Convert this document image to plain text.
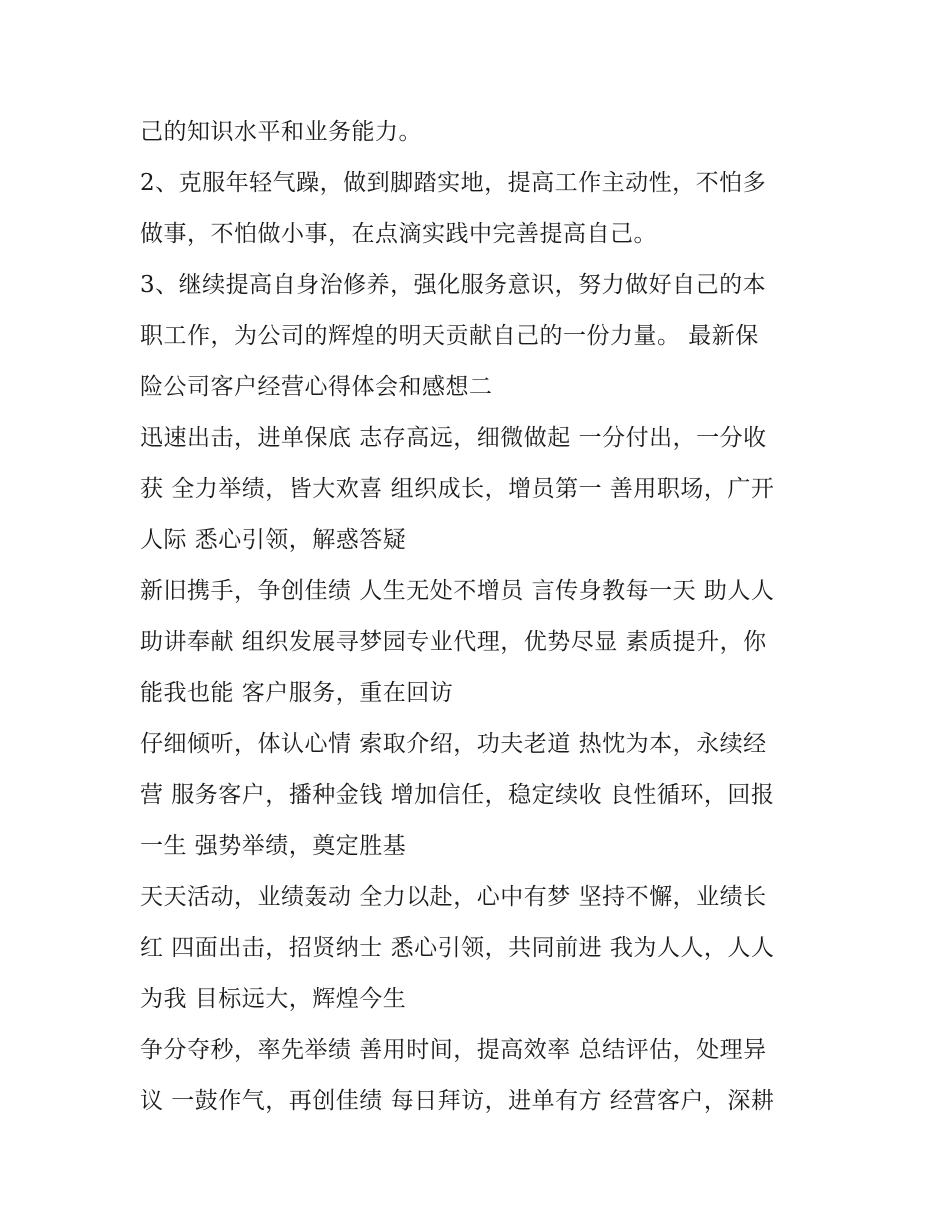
己的知识水平和业务能力。
2、克服年轻气躁，做到脚踏实地，提高工作主动性，不怕多
做事，不怕做小事，在点滴实践中完善提高自己。
3、继续提高自身治修养，强化服务意识，努力做好自己的本
职工作，为公司的辉煌的明天贡献自己的一份力量。 最新保
险公司客户经营心得体会和感想二
迅速出击，进单保底 志存高远，细微做起 一分付出，一分收
获 全力举绩，皆大欢喜 组织成长，增员第一 善用职场，广开
人际 悉心引领，解惑答疑
新旧携手，争创佳绩 人生无处不增员 言传身教每一天 助人人
助讲奉献 组织发展寻梦园专业代理，优势尽显 素质提升，你
能我也能 客户服务，重在回访
仔细倾听，体认心情 索取介绍，功夫老道 热忱为本，永续经
营 服务客户，播种金钱 增加信任，稳定续收 良性循环，回报
一生 强势举绩，奠定胜基
天天活动，业绩轰动 全力以赴，心中有梦 坚持不懈，业绩长
红 四面出击，招贤纳士 悉心引领，共同前进 我为人人，人人
为我 目标远大，辉煌今生
争分夺秒，率先举绩 善用时间，提高效率 总结评估，处理异
议 一鼓作气，再创佳绩 每日拜访，进单有方 经营客户，深耕
